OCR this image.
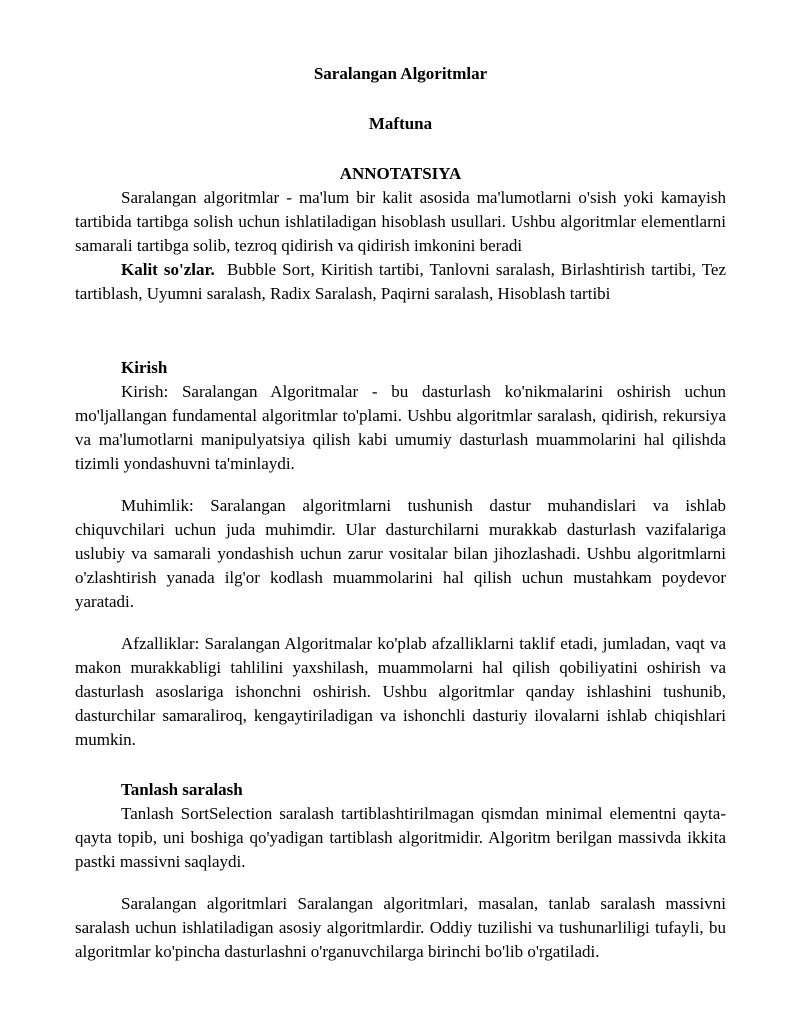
Saralangan Algoritmlar
Maftuna
ANNOTATSIYA

Saralangan algoritmlar - ma'lum bir kalit asosida ma'lumotlarni o'sish yoki kamayish tartibida tartibga solish uchun ishlatiladigan hisoblash usullari. Ushbu algoritmlar elementlarni samarali tartibga solib, tezroq qidirish va qidirish imkonini beradi

Kalit so'zlar. Bubble Sort, Kiritish tartibi, Tanlovni saralash, Birlashtirish tartibi, Tez tartiblash, Uyumni saralash, Radix Saralash, Paqirni saralash, Hisoblash tartibi

Kirish

Kirish: Saralangan Algoritmalar - bu dasturlash ko'nikmalarini oshirish uchun mo'ljallangan fundamental algoritmlar to'plami. Ushbu algoritmlar saralash, qidirish, rekursiya va ma'lumotlarni manipulyatsiya qilish kabi umumiy dasturlash muammolarini hal qilishda tizimli yondashuvni ta'minlaydi.

Muhimlik: Saralangan algoritmlarni tushunish dastur muhandislari va ishlab chiquvchilari uchun juda muhimdir. Ular dasturchilarni murakkab dasturlash vazifalariga uslubiy va samarali yondashish uchun zarur vositalar bilan jihozlashadi. Ushbu algoritmlarni o'zlashtirish yanada ilg'or kodlash muammolarini hal qilish uchun mustahkam poydevor yaratadi.

Afzalliklar: Saralangan Algoritmalar ko'plab afzalliklarni taklif etadi, jumladan, vaqt va makon murakkabligi tahlilini yaxshilash, muammolarni hal qilish qobiliyatini oshirish va dasturlash asoslariga ishonchni oshirish. Ushbu algoritmlar qanday ishlashini tushunib, dasturchilar samaraliroq, kengaytiriladigan va ishonchli dasturiy ilovalarni ishlab chiqishlari mumkin.

Tanlash saralash

Tanlash SortSelection saralash tartiblashtirilmagan qismdan minimal elementni qayta-qayta topib, uni boshiga qo'yadigan tartiblash algoritmidir. Algoritm berilgan massivda ikkita pastki massivni saqlaydi.

Saralangan algoritmlari Saralangan algoritmlari, masalan, tanlab saralash massivni saralash uchun ishlatiladigan asosiy algoritmlardir. Oddiy tuzilishi va tushunarliligi tufayli, bu algoritmlar ko'pincha dasturlashni o'rganuvchilarga birinchi bo'lib o'rgatiladi.
